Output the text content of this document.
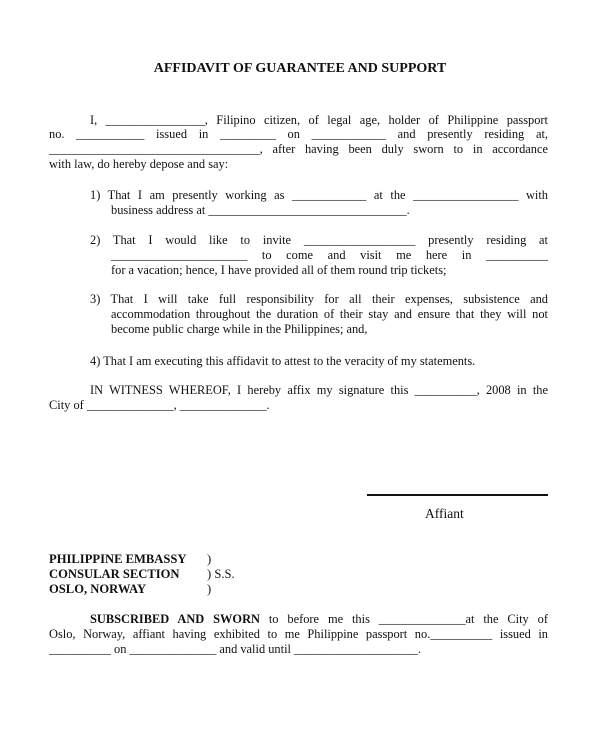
AFFIDAVIT OF GUARANTEE AND SUPPORT
I, ________________, Filipino citizen, of legal age, holder of Philippine passport
no. ___________ issued in _________ on ____________ and presently residing at,
__________________________________, after having been duly sworn to in accordance
with law, do hereby depose and say:
1) That I am presently working as ____________ at the _________________ with
business address at ________________________________.
2) That I would like to invite __________________ presently residing at
______________________ to come and visit me here in __________
for a vacation; hence, I have provided all of them round trip tickets;
3) That I will take full responsibility for all their expenses, subsistence and
accommodation throughout the duration of their stay and ensure that they will not
become public charge while in the Philippines; and,
4) That I am executing this affidavit to attest to the veracity of my statements.
IN WITNESS WHEREOF, I hereby affix my signature this __________, 2008 in the
City of ______________, ______________.
Affiant
PHILIPPINE EMBASSY )
CONSULAR SECTION ) S.S.
OSLO, NORWAY	)
SUBSCRIBED AND SWORN to before me this ______________at the City of
Oslo, Norway, affiant having exhibited to me Philippine passport no.__________ issued in
__________ on ______________ and valid until ____________________.
